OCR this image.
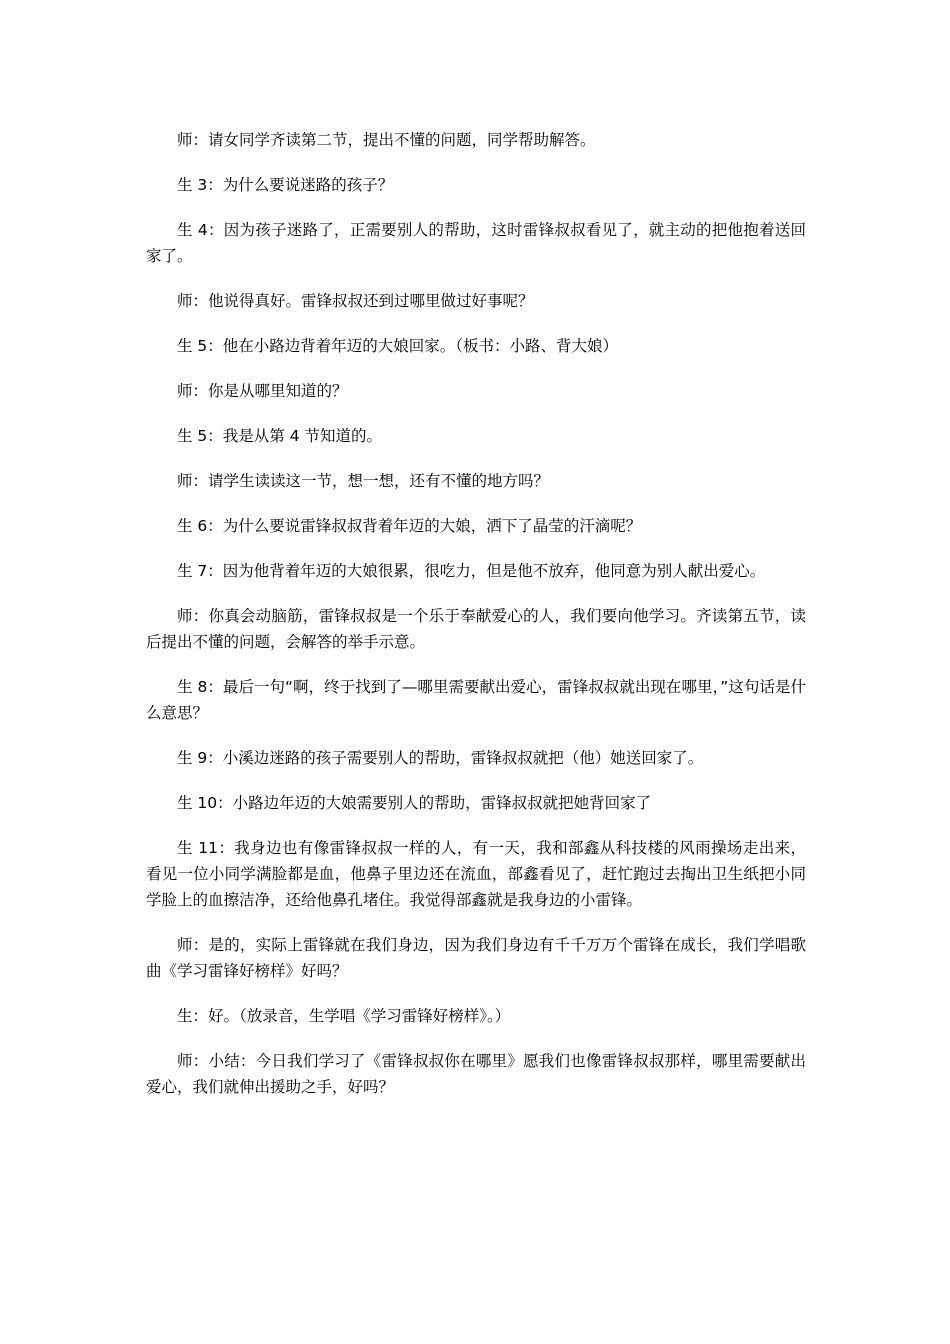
师：请女同学齐读第二节，提出不懂的问题，同学帮助解答。

生 3：为什么要说迷路的孩子？

生 4：因为孩子迷路了，正需要别人的帮助，这时雷锋叔叔看见了，就主动的把他抱着送回家了。

师：他说得真好。雷锋叔叔还到过哪里做过好事呢？

生 5：他在小路边背着年迈的大娘回家。（板书：小路、背大娘）

师：你是从哪里知道的？

生 5：我是从第 4 节知道的。

师：请学生读读这一节，想一想，还有不懂的地方吗？

生 6：为什么要说雷锋叔叔背着年迈的大娘，洒下了晶莹的汗滴呢？

生 7：因为他背着年迈的大娘很累，很吃力，但是他不放弃，他同意为别人献出爱心。

师：你真会动脑筋，雷锋叔叔是一个乐于奉献爱心的人，我们要向他学习。齐读第五节，读后提出不懂的问题，会解答的举手示意。

生 8：最后一句“啊，终于找到了—哪里需要献出爱心，雷锋叔叔就出现在哪里，”这句话是什么意思？

生 9：小溪边迷路的孩子需要别人的帮助，雷锋叔叔就把（他）她送回家了。

生 10：小路边年迈的大娘需要别人的帮助，雷锋叔叔就把她背回家了

生 11：我身边也有像雷锋叔叔一样的人，有一天，我和部鑫从科技楼的风雨操场走出来，看见一位小同学满脸都是血，他鼻子里边还在流血，部鑫看见了，赶忙跑过去掏出卫生纸把小同学脸上的血擦洁净，还给他鼻孔堵住。我觉得部鑫就是我身边的小雷锋。

师：是的，实际上雷锋就在我们身边，因为我们身边有千千万万个雷锋在成长，我们学唱歌曲《学习雷锋好榜样》好吗？

生：好。（放录音，生学唱《学习雷锋好榜样》。）

师：小结：今日我们学习了《雷锋叔叔你在哪里》愿我们也像雷锋叔叔那样，哪里需要献出爱心，我们就伸出援助之手，好吗？
